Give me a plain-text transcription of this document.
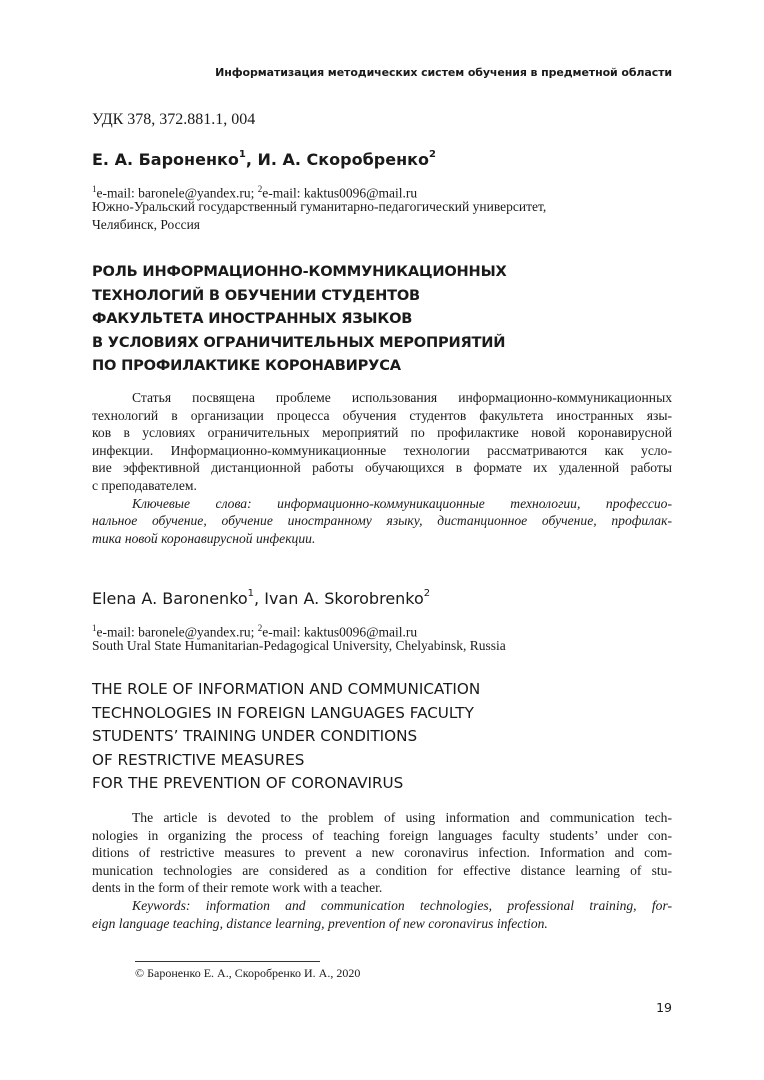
Информатизация методических систем обучения в предметной области
УДК 378, 372.881.1, 004
Е. А. Бароненко$^1$, И. А. Скоробренко$^2$
$^1$e-mail: baronele@yandex.ru; $^2$e-mail: kaktus0096@mail.ru
Южно-Уральский государственный гуманитарно-педагогический университет,
Челябинск, Россия
РОЛЬ ИНФОРМАЦИОННО-КОММУНИКАЦИОННЫХ
ТЕХНОЛОГИЙ В ОБУЧЕНИИ СТУДЕНТОВ
ФАКУЛЬТЕТА ИНОСТРАННЫХ ЯЗЫКОВ
В УСЛОВИЯХ ОГРАНИЧИТЕЛЬНЫХ МЕРОПРИЯТИЙ
ПО ПРОФИЛАКТИКЕ КОРОНАВИРУСА
Статья посвящена проблеме использования информационно-коммуникационных
технологий в организации процесса обучения студентов факультета иностранных язы-
ков в условиях ограничительных мероприятий по профилактике новой коронавирусной
инфекции. Информационно-коммуникационные технологии рассматриваются как усло-
вие эффективной дистанционной работы обучающихся в формате их удаленной работы
с преподавателем.
Ключевые слова: информационно-коммуникационные технологии, профессио-
нальное обучение, обучение иностранному языку, дистанционное обучение, профилак-
тика новой коронавирусной инфекции.
Elena A. Baronenko$^1$, Ivan A. Skorobrenko$^2$
$^1$e-mail: baronele@yandex.ru; $^2$e-mail: kaktus0096@mail.ru
South Ural State Humanitarian-Pedagogical University, Chelyabinsk, Russia
THE ROLE OF INFORMATION AND COMMUNICATION
TECHNOLOGIES IN FOREIGN LANGUAGES FACULTY
STUDENTS’ TRAINING UNDER CONDITIONS
OF RESTRICTIVE MEASURES
FOR THE PREVENTION OF CORONAVIRUS
The article is devoted to the problem of using information and communication tech-
nologies in organizing the process of teaching foreign languages faculty students’ under con-
ditions of restrictive measures to prevent a new coronavirus infection. Information and com-
munication technologies are considered as a condition for effective distance learning of stu-
dents in the form of their remote work with a teacher.
Keywords: information and communication technologies, professional training, for-
eign language teaching, distance learning, prevention of new coronavirus infection.
© Бароненко Е. А., Скоробренко И. А., 2020
19
